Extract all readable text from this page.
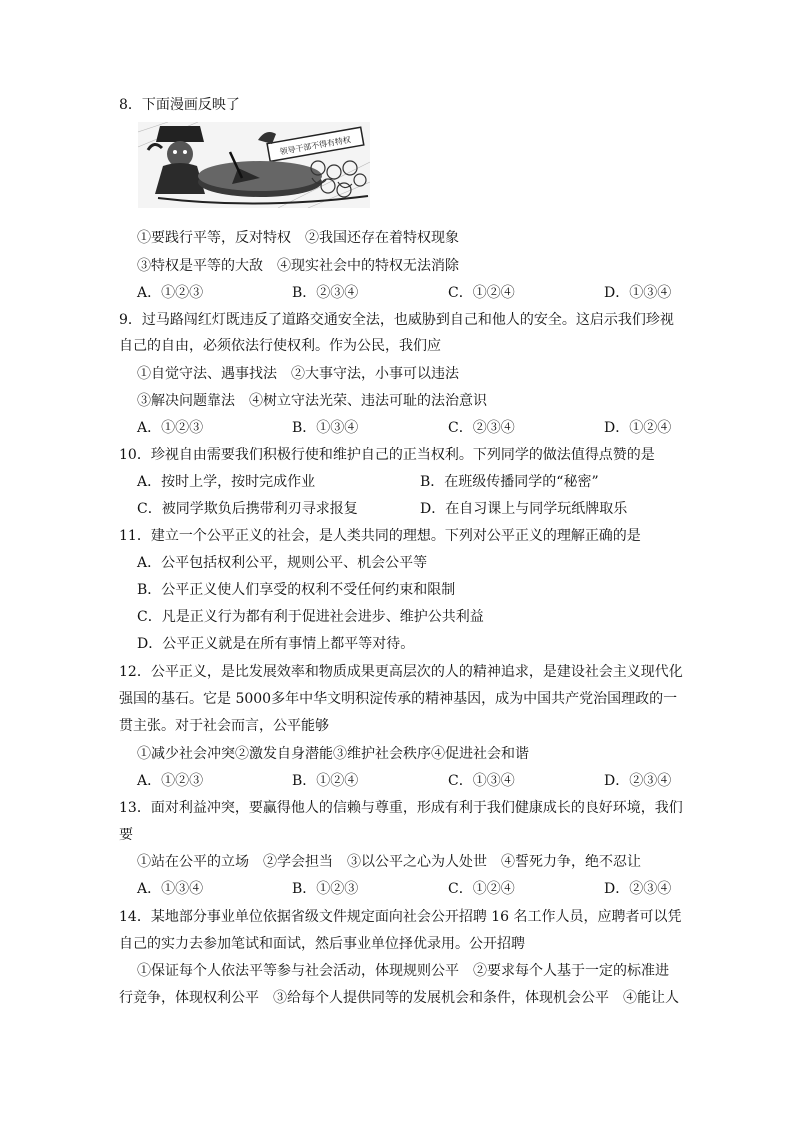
8．下面漫画反映了
领导干部不得有特权
①要践行平等，反对特权　②我国还存在着特权现象
③特权是平等的大敌　④现实社会中的特权无法消除
A．①②③	B．②③④	C．①②④	D．①③④
9．过马路闯红灯既违反了道路交通安全法，也威胁到自己和他人的安全。这启示我们珍视
自己的自由，必须依法行使权利。作为公民，我们应
①自觉守法、遇事找法　②大事守法，小事可以违法
③解决问题靠法　④树立守法光荣、违法可耻的法治意识
A．①②③	B．①③④	C．②③④	D．①②④
10．珍视自由需要我们积极行使和维护自己的正当权利。下列同学的做法值得点赞的是
A．按时上学，按时完成作业	B．在班级传播同学的“秘密”
C．被同学欺负后携带利刃寻求报复	D．在自习课上与同学玩纸牌取乐
11．建立一个公平正义的社会，是人类共同的理想。下列对公平正义的理解正确的是
A．公平包括权利公平，规则公平、机会公平等
B．公平正义使人们享受的权利不受任何约束和限制
C．凡是正义行为都有利于促进社会进步、维护公共利益
D．公平正义就是在所有事情上都平等对待。
12．公平正义，是比发展效率和物质成果更高层次的人的精神追求，是建设社会主义现代化
强国的基石。它是 5000多年中华文明积淀传承的精神基因，成为中国共产党治国理政的一
贯主张。对于社会而言，公平能够
①减少社会冲突②激发自身潜能③维护社会秩序④促进社会和谐
A．①②③	B．①②④	C．①③④	D．②③④
13．面对利益冲突，要赢得他人的信赖与尊重，形成有利于我们健康成长的良好环境，我们
要
①站在公平的立场　②学会担当　③以公平之心为人处世　④誓死力争，绝不忍让
A．①③④	B．①②③	C．①②④	D．②③④
14．某地部分事业单位依据省级文件规定面向社会公开招聘 16 名工作人员，应聘者可以凭
自己的实力去参加笔试和面试，然后事业单位择优录用。公开招聘
①保证每个人依法平等参与社会活动，体现规则公平　②要求每个人基于一定的标准进
行竞争，体现权利公平　③给每个人提供同等的发展机会和条件，体现机会公平　④能让人
